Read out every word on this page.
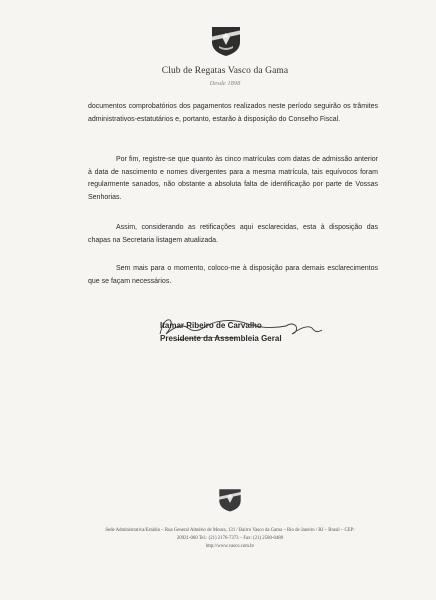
Club de Regatas Vasco da Gama
Desde 1898

documentos comprobatórios dos pagamentos realizados neste período seguirão os trâmites administrativos-estatutários e, portanto, estarão à disposição do Conselho Fiscal.

Por fim, registre-se que quanto às cinco matrículas com datas de admissão anterior à data de nascimento e nomes divergentes para a mesma matrícula, tais equívocos foram regularmente sanados, não obstante a absoluta falta de identificação por parte de Vossas Senhorias.

Assim, considerando as retificações aqui esclarecidas, esta à disposição das chapas na Secretaria listagem atualizada.

Sem mais para o momento, coloco-me à disposição para demais esclarecimentos que se façam necessários.

Itamar Ribeiro de Carvalho

Presidente da Assembleia Geral

Sede Administrativa/Estádio – Rua General Almério de Moura, 131 / Bairro Vasco da Gama – Rio de Janeiro / RJ – Brasil – CEP:

20921-060 Tel.: (21) 2176-7373 – Fax: (21) 2580-0488

http://www.vasco.com.br
